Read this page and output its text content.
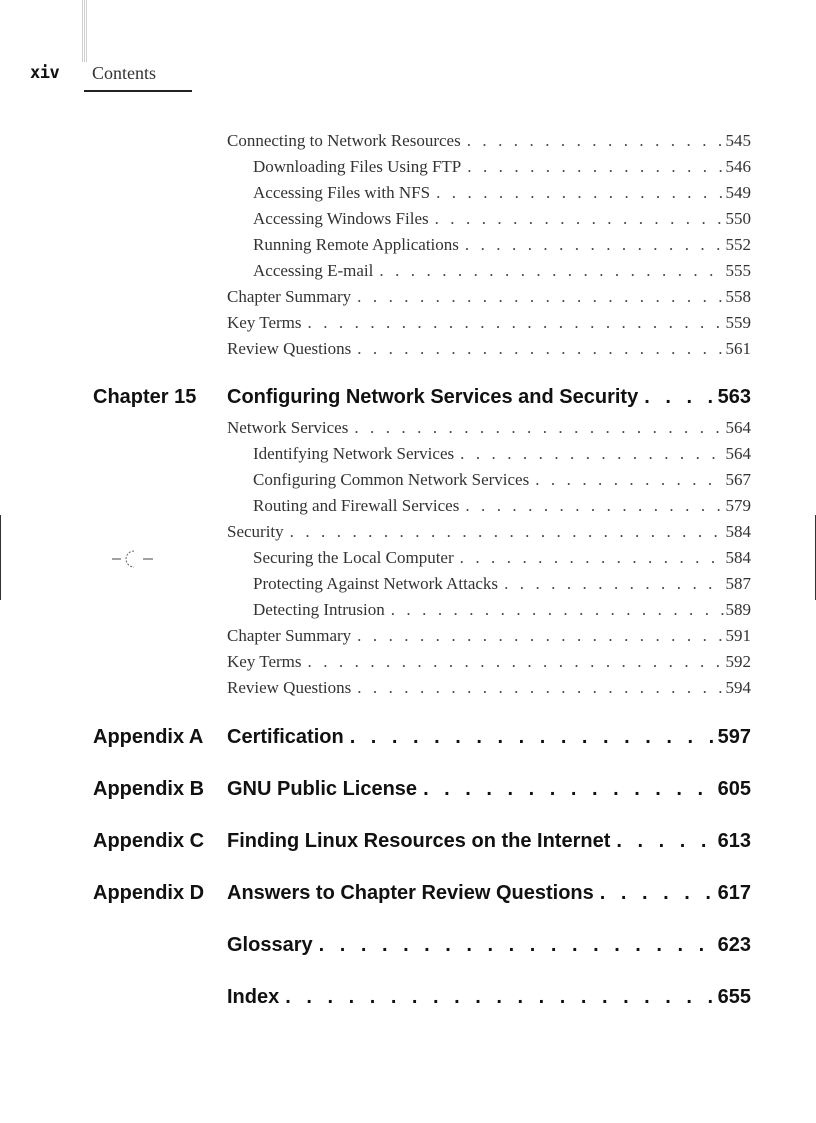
xiv Contents
Connecting to Network Resources . . .	545
Downloading Files Using FTP . . .	546
Accessing Files with NFS . . .	549
Accessing Windows Files . . .	550
Running Remote Applications . . .	552
Accessing E-mail . . .	555
Chapter Summary . . .	558
Key Terms . . .	559
Review Questions . . .	561
Chapter 15 Configuring Network Services and Security . . .	563
Network Services . . .	564
Identifying Network Services . . .	564
Configuring Common Network Services . . .	567
Routing and Firewall Services . . .	579
Security . . .	584
Securing the Local Computer . . .	584
Protecting Against Network Attacks . . .	587
Detecting Intrusion . . .	589
Chapter Summary . . .	591
Key Terms . . .	592
Review Questions . . .	594
Appendix A Certification . . .	597
Appendix B GNU Public License . . .	605
Appendix C Finding Linux Resources on the Internet . . .	613
Appendix D Answers to Chapter Review Questions . . .	617
Glossary . . .	623
Index . . .	655
